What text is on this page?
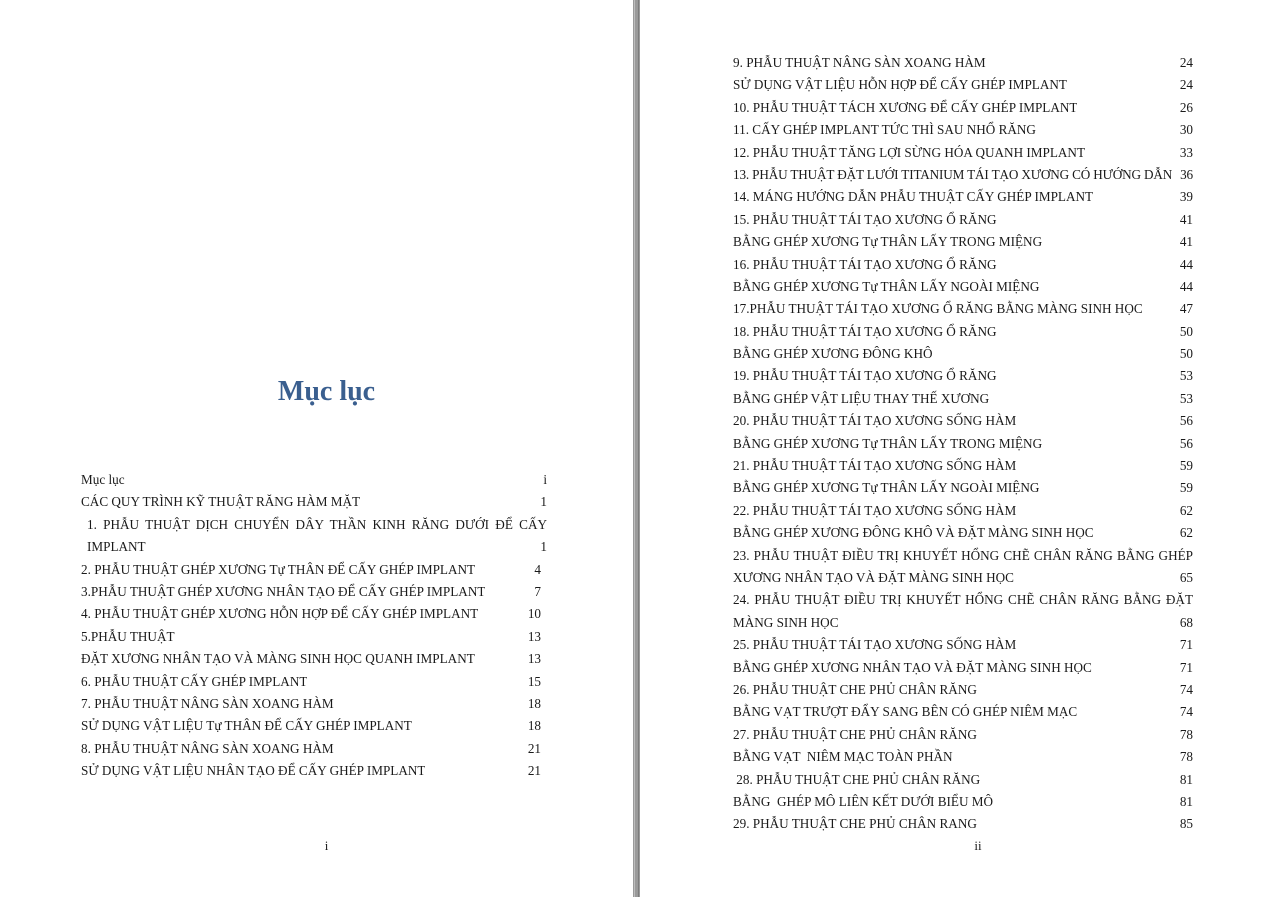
Mục lục
Mục lục	i
CÁC QUY TRÌNH KỸ THUẬT RĂNG HÀM MẶT	1
1. PHẪU THUẬT DỊCH CHUYỂN DÂY THẦN KINH RĂNG DƯỚI ĐỂ CẤY
IMPLANT	1
2. PHẪU THUẬT GHÉP XƯƠNG Tự THÂN ĐỂ CẤY GHÉP IMPLANT	4
3.PHẪU THUẬT GHÉP XƯƠNG NHÂN TẠO ĐỂ CẤY GHÉP IMPLANT	7
4. PHẪU THUẬT GHÉP XƯƠNG HỖN HỢP ĐỂ CẤY GHÉP IMPLANT	10
5.PHẪU THUẬT	13
ĐẶT XƯƠNG NHÂN TẠO VÀ MÀNG SINH HỌC QUANH IMPLANT	13
6. PHẪU THUẬT CẤY GHÉP IMPLANT	15
7. PHẪU THUẬT NÂNG SÀN XOANG HÀM	18
SỬ DỤNG VẬT LIỆU Tự THÂN ĐỂ CẤY GHÉP IMPLANT	18
8. PHẪU THUẬT NÂNG SÀN XOANG HÀM	21
SỬ DỤNG VẬT LIỆU NHÂN TẠO ĐỂ CẤY GHÉP IMPLANT	21
i
9. PHẪU THUẬT NÂNG SÀN XOANG HÀM	24
SỬ DỤNG VẬT LIỆU HỖN HỢP ĐỂ CẤY GHÉP IMPLANT	24
10. PHẪU THUẬT TÁCH XƯƠNG ĐỂ CẤY GHÉP IMPLANT	26
11. CẤY GHÉP IMPLANT TỨC THÌ SAU NHỔ RĂNG	30
12. PHẪU THUẬT TĂNG LỢI SỪNG HÓA QUANH IMPLANT	33
13. PHẪU THUẬT ĐẶT LƯỚI TITANIUM TÁI TẠO XƯƠNG CÓ HƯỚNG DẪN 36
14. MÁNG HƯỚNG DẪN PHẪU THUẬT CẤY GHÉP IMPLANT	39
15. PHẪU THUẬT TÁI TẠO XƯƠNG Ổ RĂNG	41
BẰNG GHÉP XƯƠNG Tự THÂN LẤY TRONG MIỆNG	41
16. PHẪU THUẬT TÁI TẠO XƯƠNG Ổ RĂNG	44
BẰNG GHÉP XƯƠNG Tự THÂN LẤY NGOÀI MIỆNG	44
17.PHẪU THUẬT TÁI TẠO XƯƠNG Ổ RĂNG BẰNG MÀNG SINH HỌC	47
18. PHẪU THUẬT TÁI TẠO XƯƠNG Ổ RĂNG	50
BẰNG GHÉP XƯƠNG ĐÔNG KHÔ	50
19. PHẪU THUẬT TÁI TẠO XƯƠNG Ổ RĂNG	53
BẰNG GHÉP VẬT LIỆU THAY THẾ XƯƠNG	53
20. PHẪU THUẬT TÁI TẠO XƯƠNG SỐNG HÀM	56
BẰNG GHÉP XƯƠNG Tự THÂN LẤY TRONG MIỆNG	56
21. PHẪU THUẬT TÁI TẠO XƯƠNG SỐNG HÀM	59
BẰNG GHÉP XƯƠNG Tự THÂN LẤY NGOÀI MIỆNG	59
22. PHẪU THUẬT TÁI TẠO XƯƠNG SỐNG HÀM	62
BẰNG GHÉP XƯƠNG ĐÔNG KHÔ VÀ ĐẶT MÀNG SINH HỌC	62
23. PHẪU THUẬT ĐIỀU TRỊ KHUYẾT HỔNG CHẼ CHÂN RĂNG BẰNG GHÉP
XƯƠNG NHÂN TẠO VÀ ĐẶT MÀNG SINH HỌC	65
24. PHẪU THUẬT ĐIỀU TRỊ KHUYẾT HỔNG CHẼ CHÂN RĂNG BẰNG ĐẶT
MÀNG SINH HỌC	68
25. PHẪU THUẬT TÁI TẠO XƯƠNG SỐNG HÀM	71
BẰNG GHÉP XƯƠNG NHÂN TẠO VÀ ĐẶT MÀNG SINH HỌC	71
26. PHẪU THUẬT CHE PHỦ CHÂN RĂNG	74
BẰNG VẠT TRƯỢT ĐẨY SANG BÊN CÓ GHÉP NIÊM MẠC	74
27. PHẪU THUẬT CHE PHỦ CHÂN RĂNG	78
BẰNG VẠT  NIÊM MẠC TOÀN PHẦN	78
28. PHẪU THUẬT CHE PHỦ CHÂN RĂNG	81
BẰNG  GHÉP MÔ LIÊN KẾT DƯỚI BIỂU MÔ	81
29. PHẪU THUẬT CHE PHỦ CHÂN RANG	85
ii
